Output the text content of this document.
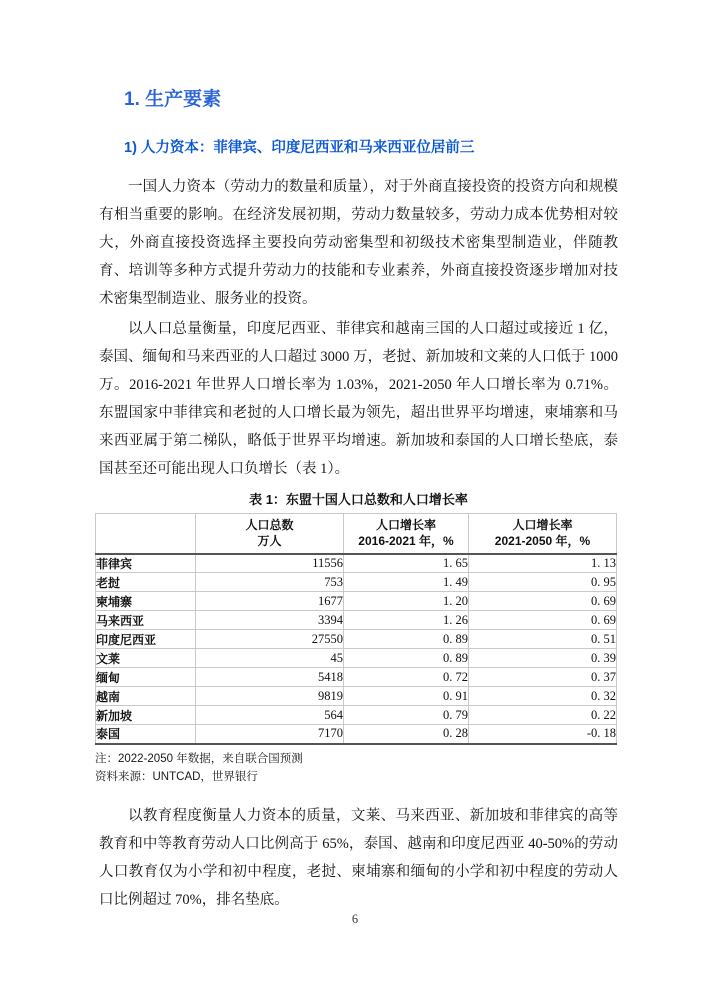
1. 生产要素
1) 人力资本：菲律宾、印度尼西亚和马来西亚位居前三

一国人力资本（劳动力的数量和质量），对于外商直接投资的投资方向和规模有相当重要的影响。在经济发展初期，劳动力数量较多，劳动力成本优势相对较大，外商直接投资选择主要投向劳动密集型和初级技术密集型制造业，伴随教育、培训等多种方式提升劳动力的技能和专业素养，外商直接投资逐步增加对技术密集型制造业、服务业的投资。

以人口总量衡量，印度尼西亚、菲律宾和越南三国的人口超过或接近 1 亿，泰国、缅甸和马来西亚的人口超过 3000 万，老挝、新加坡和文莱的人口低于 1000 万。2016-2021 年世界人口增长率为 1.03%，2021-2050 年人口增长率为 0.71%。东盟国家中菲律宾和老挝的人口增长最为领先，超出世界平均增速，柬埔寨和马来西亚属于第二梯队，略低于世界平均增速。新加坡和泰国的人口增长垫底，泰国甚至还可能出现人口负增长（表 1）。

表 1：东盟十国人口总数和人口增长率

人口总数
万人

人口增长率
2016-2021 年，%

人口增长率
2021-2050 年，%

菲律宾	11556	1. 65	1. 13
老挝	753	1. 49	0. 95
柬埔寨	1677	1. 20	0. 69
马来西亚	3394	1. 26	0. 69
印度尼西亚	27550	0. 89	0. 51
文莱	45	0. 89	0. 39
缅甸	5418	0. 72	0. 37
越南	9819	0. 91	0. 32
新加坡	564	0. 79	0. 22
泰国	7170	0. 28	-0. 18
注：2022-2050 年数据，来自联合国预测
资料来源：UNTCAD，世界银行

以教育程度衡量人力资本的质量，文莱、马来西亚、新加坡和菲律宾的高等教育和中等教育劳动人口比例高于 65%，泰国、越南和印度尼西亚 40-50%的劳动人口教育仅为小学和初中程度，老挝、柬埔寨和缅甸的小学和初中程度的劳动人口比例超过 70%，排名垫底。

6
